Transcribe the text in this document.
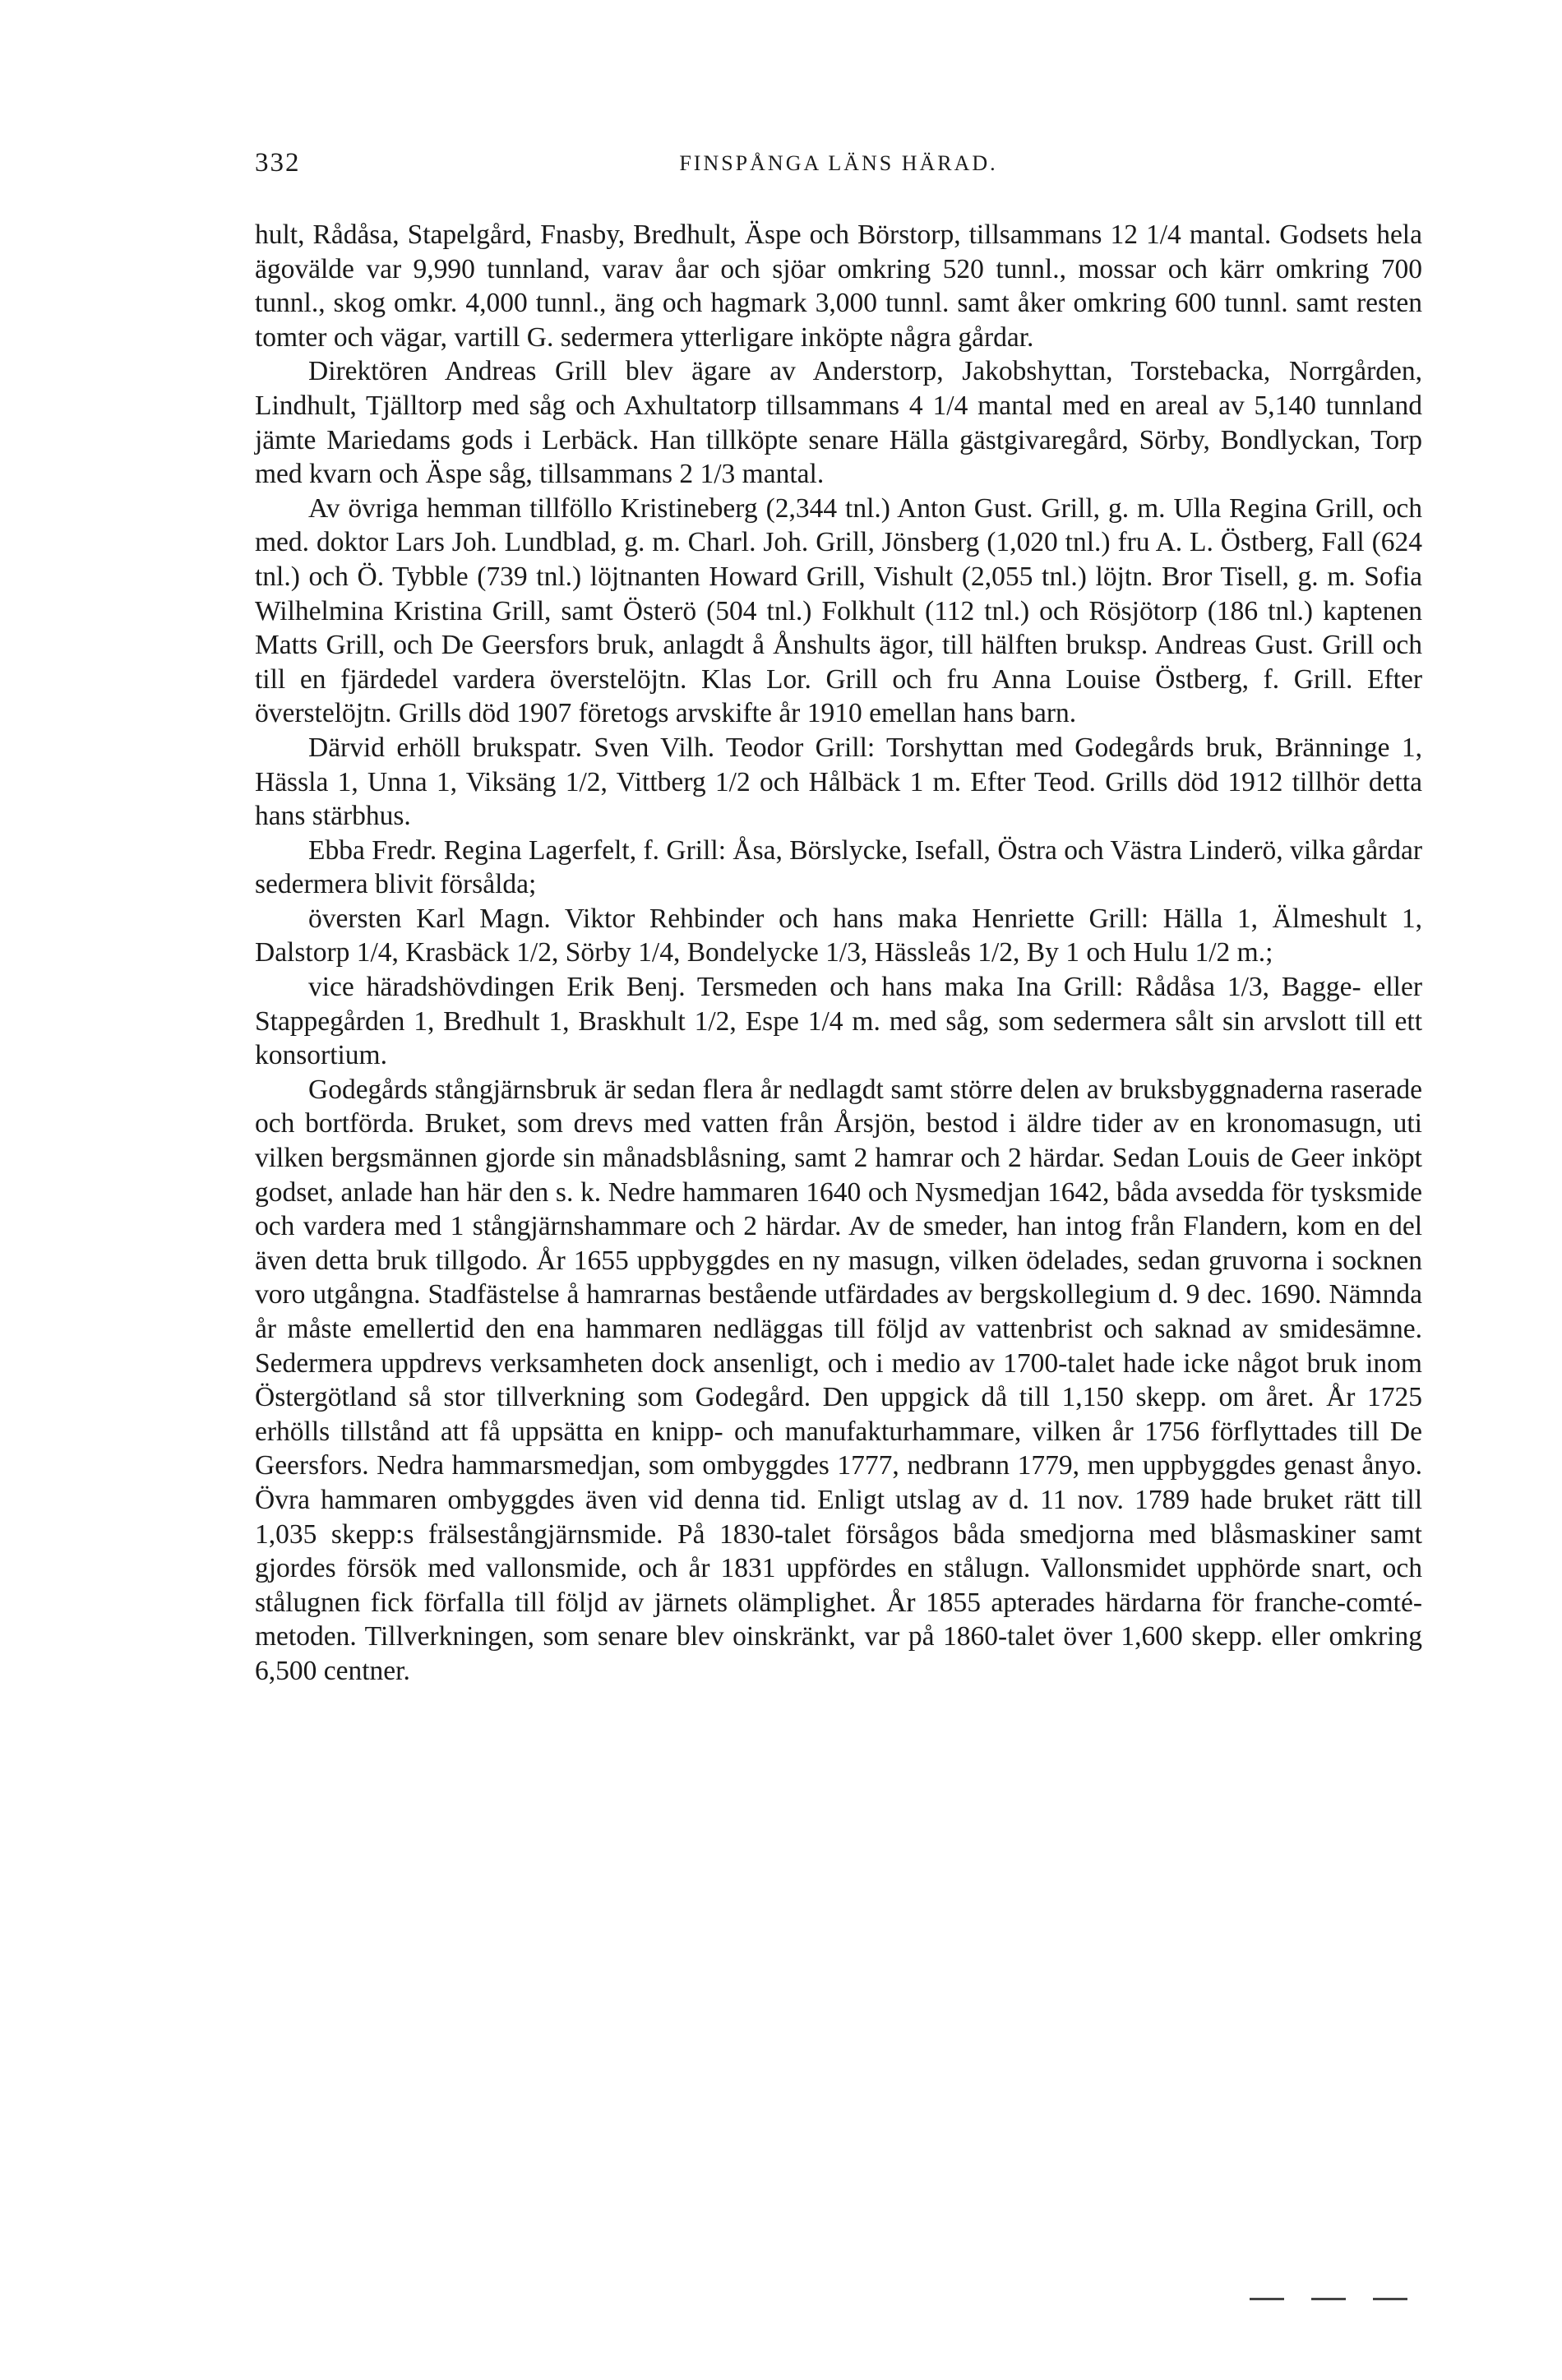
332	FINSPÅNGA LÄNS HÄRAD.

hult, Rådåsa, Stapelgård, Fnasby, Bredhult, Äspe och Börstorp, tillsammans 12 1/4 mantal. Godsets hela ägovälde var 9,990 tunnland, varav åar och sjöar omkring 520 tunnl., mossar och kärr omkring 700 tunnl., skog omkr. 4,000 tunnl., äng och hagmark 3,000 tunnl. samt åker omkring 600 tunnl. samt resten tomter och vägar, vartill G. sedermera ytterligare inköpte några gårdar.

Direktören Andreas Grill blev ägare av Anderstorp, Jakobshyttan, Torstebacka, Norrgården, Lindhult, Tjälltorp med såg och Axhultatorp tillsammans 4 1/4 mantal med en areal av 5,140 tunnland jämte Mariedams gods i Lerbäck. Han tillköpte senare Hälla gästgivaregård, Sörby, Bondlyckan, Torp med kvarn och Äspe såg, tillsammans 2 1/3 mantal.

Av övriga hemman tillföllo Kristineberg (2,344 tnl.) Anton Gust. Grill, g. m. Ulla Regina Grill, och med. doktor Lars Joh. Lundblad, g. m. Charl. Joh. Grill, Jönsberg (1,020 tnl.) fru A. L. Östberg, Fall (624 tnl.) och Ö. Tybble (739 tnl.) löjtnanten Howard Grill, Vishult (2,055 tnl.) löjtn. Bror Tisell, g. m. Sofia Wilhelmina Kristina Grill, samt Österö (504 tnl.) Folkhult (112 tnl.) och Rösjötorp (186 tnl.) kaptenen Matts Grill, och De Geersfors bruk, anlagdt å Ånshults ägor, till hälften bruksp. Andreas Gust. Grill och till en fjärdedel vardera överstelöjtn. Klas Lor. Grill och fru Anna Louise Östberg, f. Grill. Efter överstelöjtn. Grills död 1907 företogs arvskifte år 1910 emellan hans barn.

Därvid erhöll brukspatr. Sven Vilh. Teodor Grill: Torshyttan med Godegårds bruk, Bränninge 1, Hässla 1, Unna 1, Viksäng 1/2, Vittberg 1/2 och Hålbäck 1 m. Efter Teod. Grills död 1912 tillhör detta hans stärbhus.

Ebba Fredr. Regina Lagerfelt, f. Grill: Åsa, Börslycke, Isefall, Östra och Västra Linderö, vilka gårdar sedermera blivit försålda;

översten Karl Magn. Viktor Rehbinder och hans maka Henriette Grill: Hälla 1, Älmeshult 1, Dalstorp 1/4, Krasbäck 1/2, Sörby 1/4, Bondelycke 1/3, Hässleås 1/2, By 1 och Hulu 1/2 m.;

vice häradshövdingen Erik Benj. Tersmeden och hans maka Ina Grill: Rådåsa 1/3, Bagge- eller Stappegården 1, Bredhult 1, Braskhult 1/2, Espe 1/4 m. med såg, som sedermera sålt sin arvslott till ett konsortium.

Godegårds stångjärnsbruk är sedan flera år nedlagdt samt större delen av bruksbyggnaderna raserade och bortförda. Bruket, som drevs med vatten från Årsjön, bestod i äldre tider av en kronomasugn, uti vilken bergsmännen gjorde sin månadsblåsning, samt 2 hamrar och 2 härdar. Sedan Louis de Geer inköpt godset, anlade han här den s. k. Nedre hammaren 1640 och Nysmedjan 1642, båda avsedda för tysksmide och vardera med 1 stångjärnshammare och 2 härdar. Av de smeder, han intog från Flandern, kom en del även detta bruk tillgodo. År 1655 uppbyggdes en ny masugn, vilken ödelades, sedan gruvorna i socknen voro utgångna. Stadfästelse å hamrarnas bestående utfärdades av bergskollegium d. 9 dec. 1690. Nämnda år måste emellertid den ena hammaren nedläggas till följd av vattenbrist och saknad av smidesämne. Sedermera uppdrevs verksamheten dock ansenligt, och i medio av 1700-talet hade icke något bruk inom Östergötland så stor tillverkning som Godegård. Den uppgick då till 1,150 skepp. om året. År 1725 erhölls tillstånd att få uppsätta en knipp- och manufakturhammare, vilken år 1756 förflyttades till De Geersfors. Nedra hammarsmedjan, som ombyggdes 1777, nedbrann 1779, men uppbyggdes genast ånyo. Övra hammaren ombyggdes även vid denna tid. Enligt utslag av d. 11 nov. 1789 hade bruket rätt till 1,035 skepp:s frälsestångjärnsmide. På 1830-talet försågos båda smedjorna med blåsmaskiner samt gjordes försök med vallonsmide, och år 1831 uppfördes en stålugn. Vallonsmidet upphörde snart, och stålugnen fick förfalla till följd av järnets olämplighet. År 1855 apterades härdarna för franche-comté-metoden. Tillverkningen, som senare blev oinskränkt, var på 1860-talet över 1,600 skepp. eller omkring 6,500 centner.
